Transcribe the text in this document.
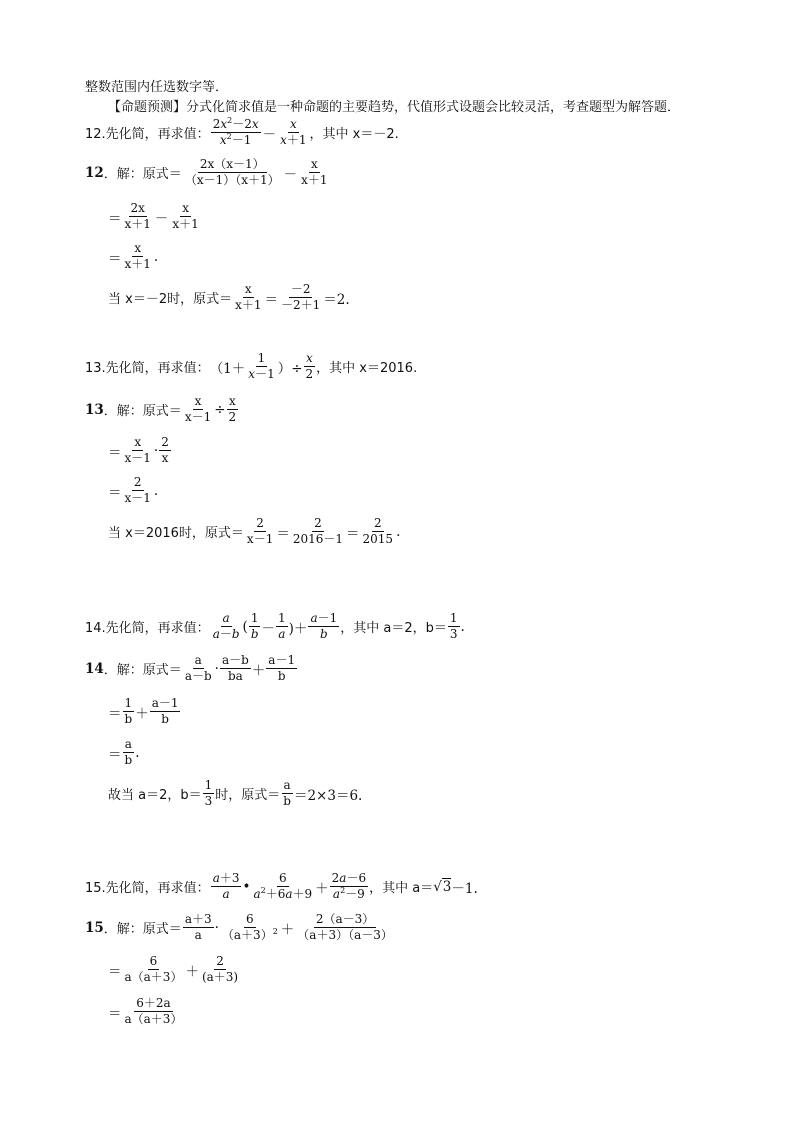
整数范围内任选数字等．
【命题预测】 分式化简求值是一种命题的主要趋势，代值形式设题会比较灵活，考查题型为解答题．
12.先化简，再求值： $\frac{2x^2-2x}{x^2-1} - \frac{x}{x+1}$ ，其中 x＝－2.
12 ．解：原式＝ $\frac{2x(x-1)}{(x-1)(x+1)} - \frac{x}{x+1}$
＝ $\frac{2x}{x+1} - \frac{x}{x+1}$
＝ $\frac{x}{x+1}$ .
当 x＝－2时，原式＝ $\frac{x}{x+1} = \frac{-2}{-2+1} =2$.
13.先化简，再求值： （$1+ \frac{1}{x-1}$ ）÷ $\frac{x}{2}$ ，其中 x＝2016.
13 ．解：原式＝ $\frac{x}{x-1} \div \frac{x}{2}$
＝ $\frac{x}{x-1} \cdot \frac{2}{x}$
＝ $\frac{2}{x-1}$ .
当 x＝2016时，原式＝ $\frac{2}{x-1} = \frac{2}{2016-1} = \frac{2}{2015}$ .
14.先化简，再求值： $\frac{a}{a-b}$ ( $\frac{1}{b} - \frac{1}{a}$ )＋ $\frac{a-1}{b}$ ，其中 a＝2，$b= \frac{1}{3}$ .
14 ．解：原式＝ $\frac{a}{a-b} \cdot \frac{a-b}{ba} + \frac{a-1}{b}$
＝ $\frac{1}{b} + \frac{a-1}{b}$
＝ $\frac{a}{b}$ .
故当 a＝2，$b= \frac{1}{3}$ 时，原式＝ $\frac{a}{b} =2\times 3=6$.
15.先化简，再求值： $\frac{a+3}{a}$ • $\frac{6}{a^2+6a+9} + \frac{2a-6}{a^2-9}$ ，其中 a＝ √ 3 －1.
15 ．解：原式＝ $\frac{a+3}{a} \cdot \frac{6}{(a+3)^2} + \frac{2(a-3)}{(a+3)(a-3)}$
＝ $\frac{6}{a(a+3)} + \frac{2}{(a+3)}$
＝ $\frac{6+2a}{a(a+3)}$
